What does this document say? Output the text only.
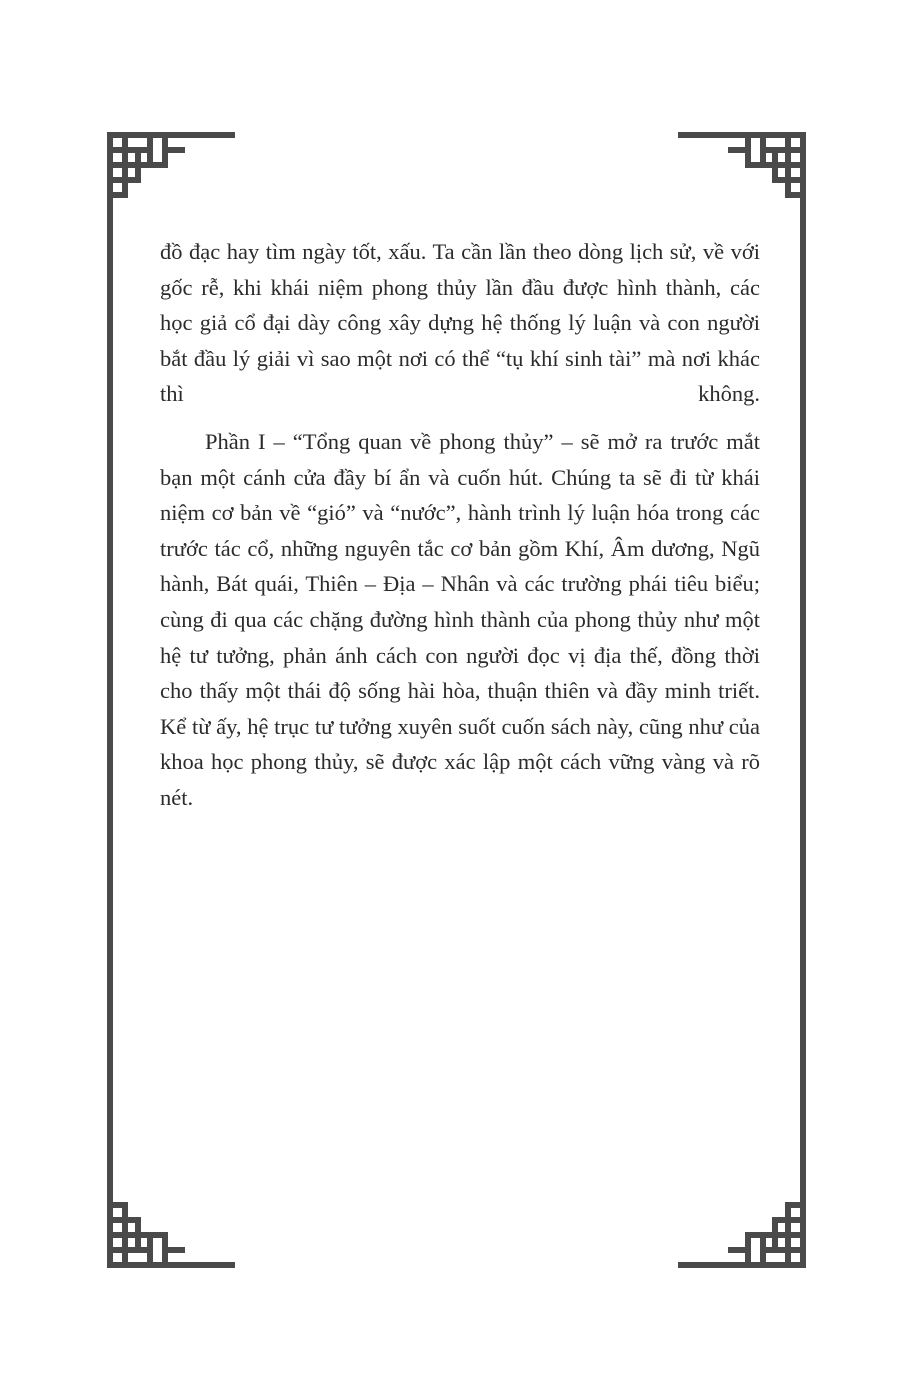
đồ đạc hay tìm ngày tốt, xấu. Ta cần lần theo dòng lịch sử, về với gốc rễ, khi khái niệm phong thủy lần đầu được hình thành, các học giả cổ đại dày công xây dựng hệ thống lý luận và con người bắt đầu lý giải vì sao một nơi có thể “tụ khí sinh tài” mà nơi khác thì không.

Phần I – “Tổng quan về phong thủy” – sẽ mở ra trước mắt bạn một cánh cửa đầy bí ẩn và cuốn hút. Chúng ta sẽ đi từ khái niệm cơ bản về “gió” và “nước”, hành trình lý luận hóa trong các trước tác cổ, những nguyên tắc cơ bản gồm Khí, Âm dương, Ngũ hành, Bát quái, Thiên – Địa – Nhân và các trường phái tiêu biểu; cùng đi qua các chặng đường hình thành của phong thủy như một hệ tư tưởng, phản ánh cách con người đọc vị địa thế, đồng thời cho thấy một thái độ sống hài hòa, thuận thiên và đầy minh triết. Kể từ ấy, hệ trục tư tưởng xuyên suốt cuốn sách này, cũng như của khoa học phong thủy, sẽ được xác lập một cách vững vàng và rõ nét.
